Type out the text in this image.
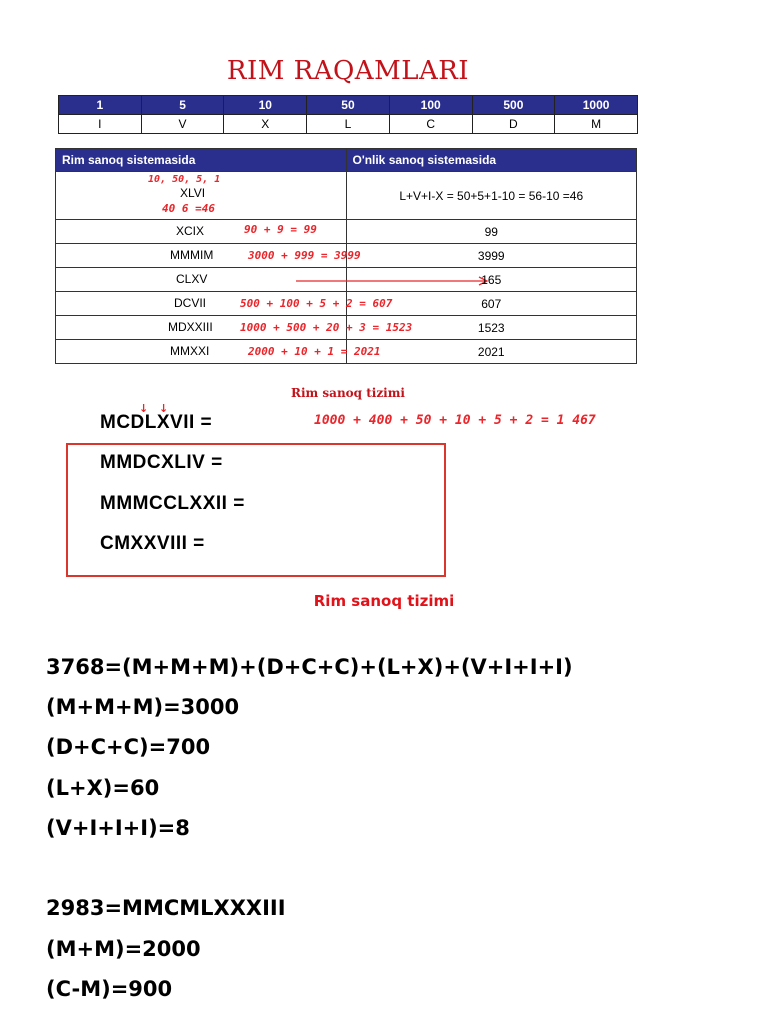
RIM RAQAMLARI
1	5	10	50	100	500	1000
I	V	X	L	C	D	M
Rim sanoq sistemasida	O'nlik sanoq sistemasida

10, 50, 5, 1
XLVI
40 6 =46	L+V+I-X = 50+5+1-10 = 56-10 =46

XCIX 90 + 9 = 99	99

MMMIM 3000 + 999 = 3999	3999

CLXV	165

DCVII 500 + 100 + 5 + 2 = 607	607

MDXXIII 1000 + 500 + 20 + 3 = 1523	1523

MMXXI 2000 + 10 + 1 = 2021	2021
Rim sanoq tizimi
↓ ↓
MCDLXVII =	1000 + 400 + 50 + 10 + 5 + 2 = 1 467
MMDCXLIV =
MMMCCLXXII =
CMXXVIII =
Rim sanoq tizimi
3768=(M+M+M)+(D+C+C)+(L+X)+(V+I+I+I)
(M+M+M)=3000
(D+C+C)=700
(L+X)=60
(V+I+I+I)=8
2983=MMCMLXXXIII
(M+M)=2000
(C-M)=900
